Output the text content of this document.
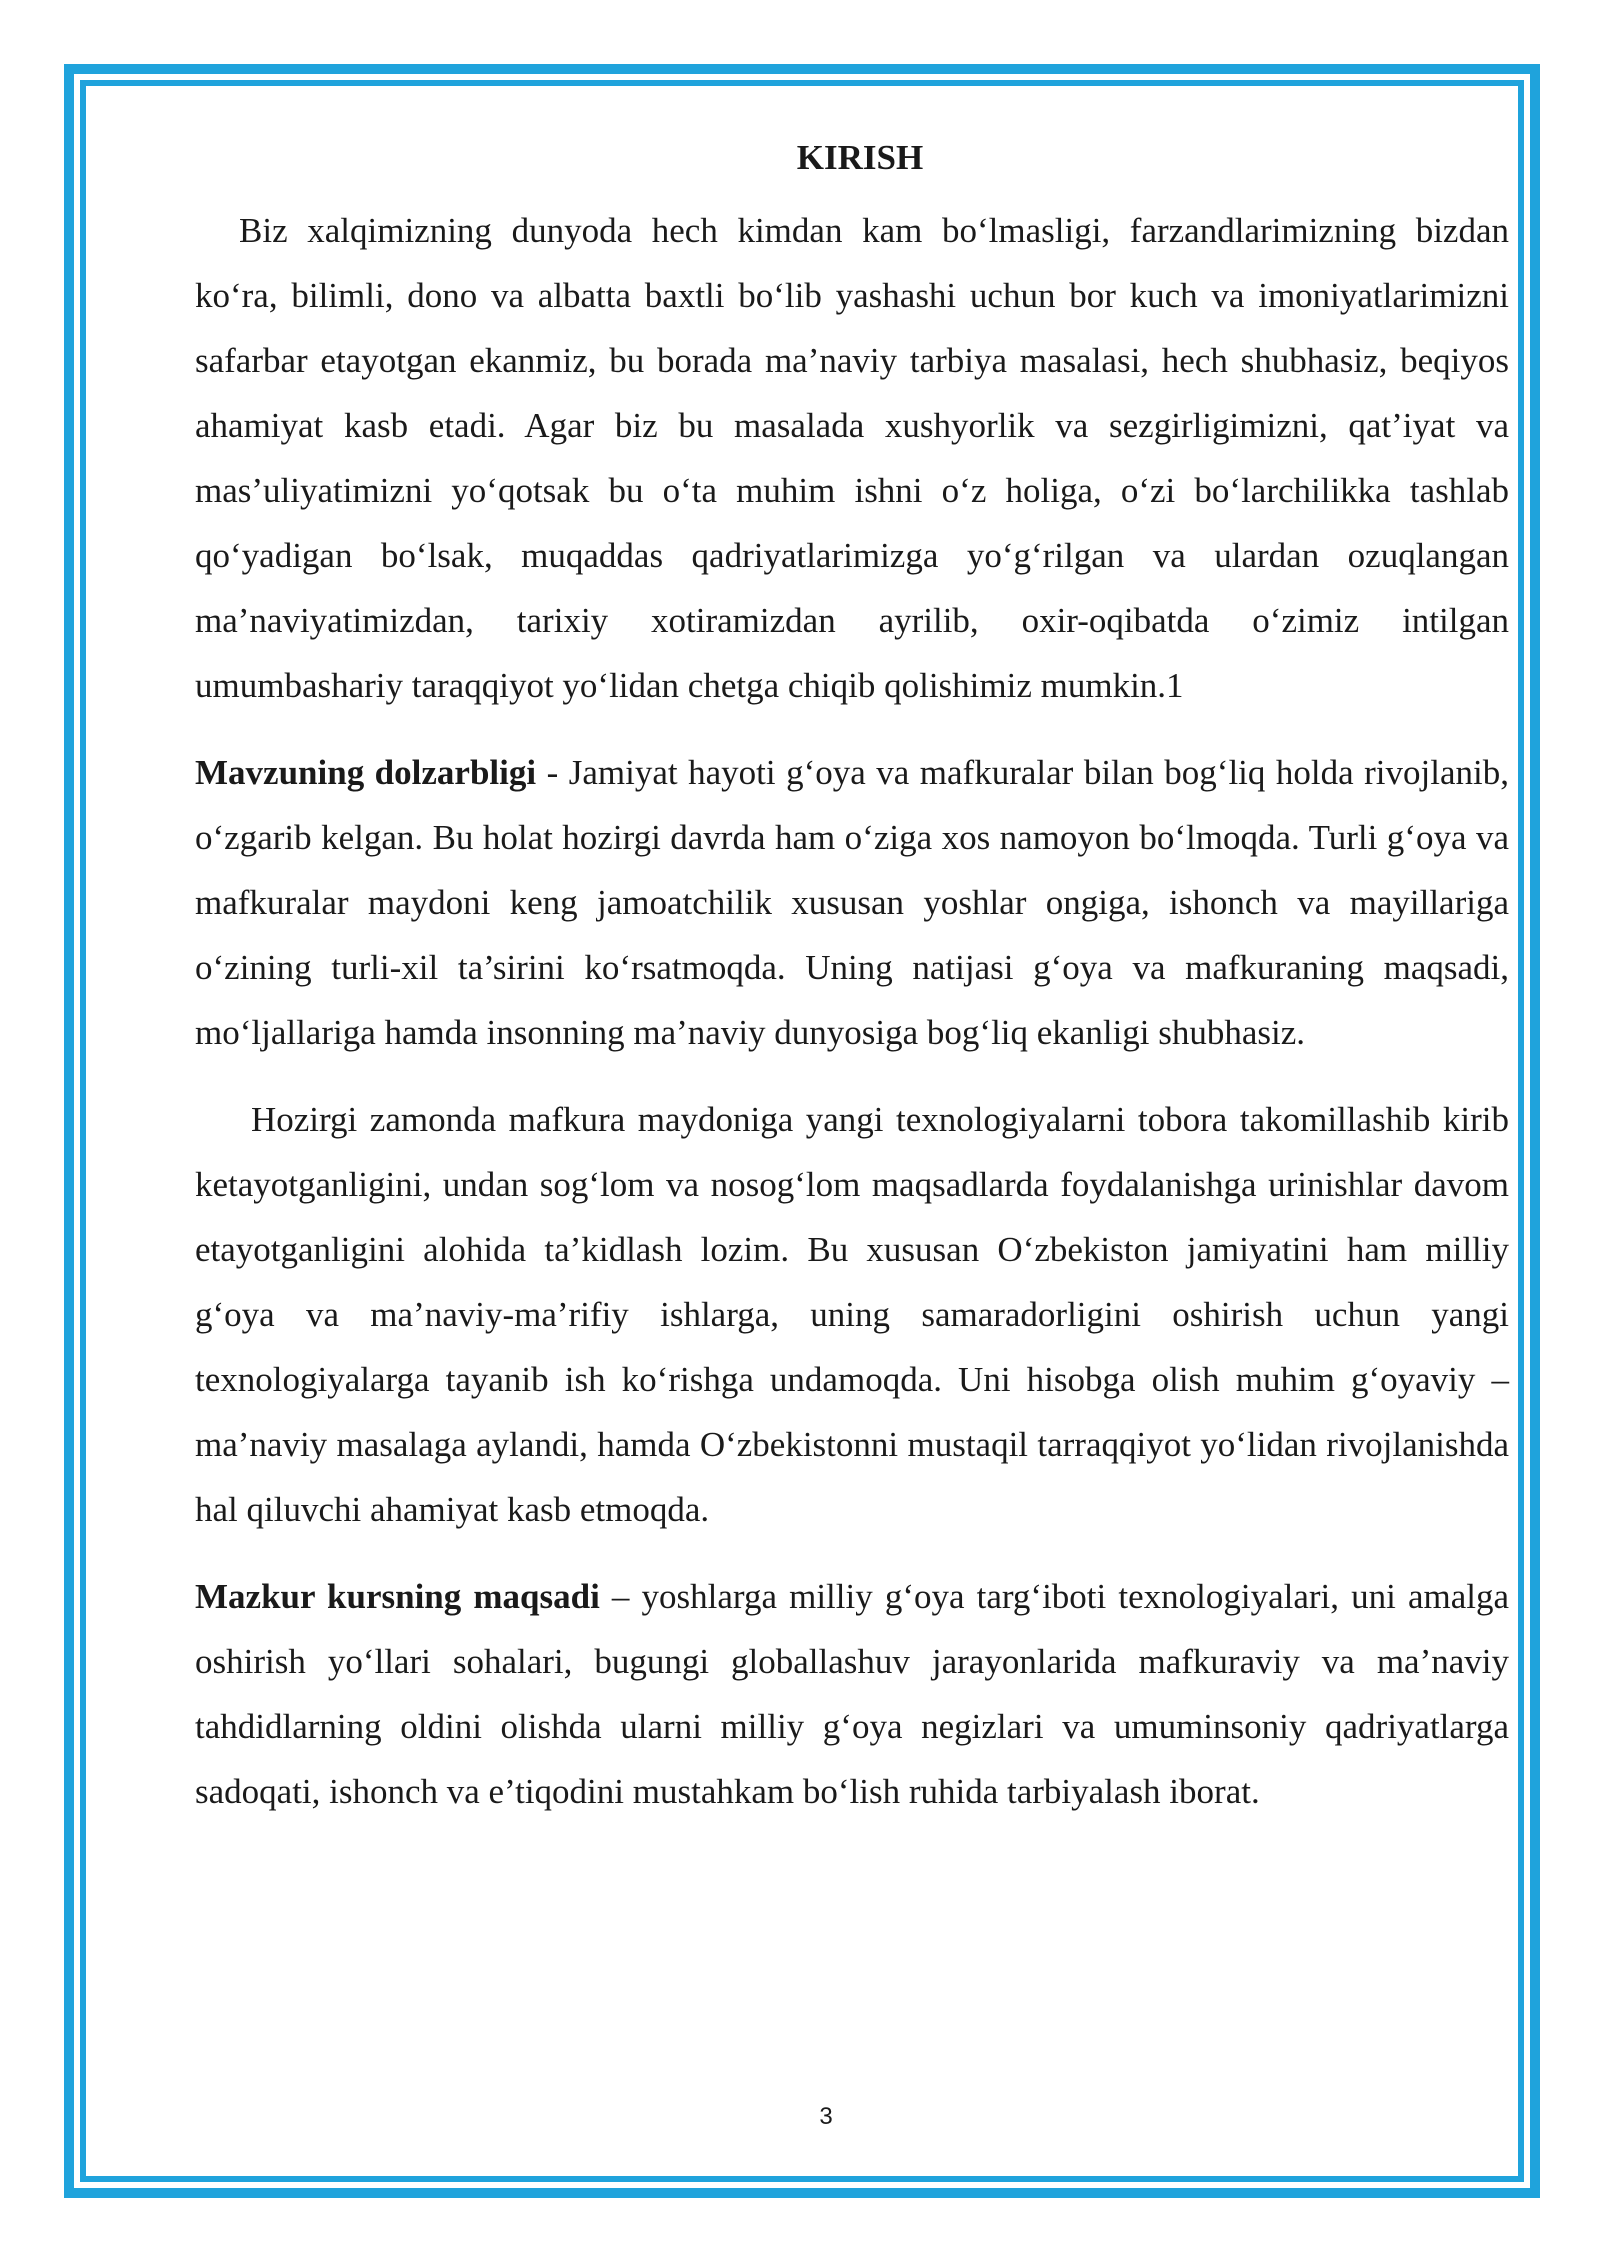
KIRISH

Biz xalqimizning dunyoda hech kimdan kam bo‘lmasligi, farzandlarimizning bizdan ko‘ra, bilimli, dono va albatta baxtli bo‘lib yashashi uchun bor kuch va imoniyatlarimizni safarbar etayotgan ekanmiz, bu borada ma’naviy tarbiya masalasi, hech shubhasiz, beqiyos ahamiyat kasb etadi. Agar biz bu masalada xushyorlik va sezgirligimizni, qat’iyat va mas’uliyatimizni yo‘qotsak bu o‘ta muhim ishni o‘z holiga, o‘zi bo‘larchilikka tashlab qo‘yadigan bo‘lsak, muqaddas qadriyatlarimizga yo‘g‘rilgan va ulardan ozuqlangan ma’naviyatimizdan, tarixiy xotiramizdan ayrilib, oxir-oqibatda o‘zimiz intilgan umumbashariy taraqqiyot yo‘lidan chetga chiqib qolishimiz mumkin.1

Mavzuning dolzarbligi - Jamiyat hayoti g‘oya va mafkuralar bilan bog‘liq holda rivojlanib, o‘zgarib kelgan. Bu holat hozirgi davrda ham o‘ziga xos namoyon bo‘lmoqda. Turli g‘oya va mafkuralar maydoni keng jamoatchilik xususan yoshlar ongiga, ishonch va mayillariga o‘zining turli-xil ta’sirini ko‘rsatmoqda. Uning natijasi g‘oya va mafkuraning maqsadi, mo‘ljallariga hamda insonning ma’naviy dunyosiga bog‘liq ekanligi shubhasiz.

Hozirgi zamonda mafkura maydoniga yangi texnologiyalarni tobora takomillashib kirib ketayotganligini, undan sog‘lom va nosog‘lom maqsadlarda foydalanishga urinishlar davom etayotganligini alohida ta’kidlash lozim. Bu xususan O‘zbekiston jamiyatini ham milliy g‘oya va ma’naviy-ma’rifiy ishlarga, uning samaradorligini oshirish uchun yangi texnologiyalarga tayanib ish ko‘rishga undamoqda. Uni hisobga olish muhim g‘oyaviy – ma’naviy masalaga aylandi, hamda O‘zbekistonni mustaqil tarraqqiyot yo‘lidan rivojlanishda hal qiluvchi ahamiyat kasb etmoqda.

Mazkur kursning maqsadi – yoshlarga milliy g‘oya targ‘iboti texnologiyalari, uni amalga oshirish yo‘llari sohalari, bugungi globallashuv jarayonlarida mafkuraviy va ma’naviy tahdidlarning oldini olishda ularni milliy g‘oya negizlari va umuminsoniy qadriyatlarga sadoqati, ishonch va e’tiqodini mustahkam bo‘lish ruhida tarbiyalash iborat.

3
